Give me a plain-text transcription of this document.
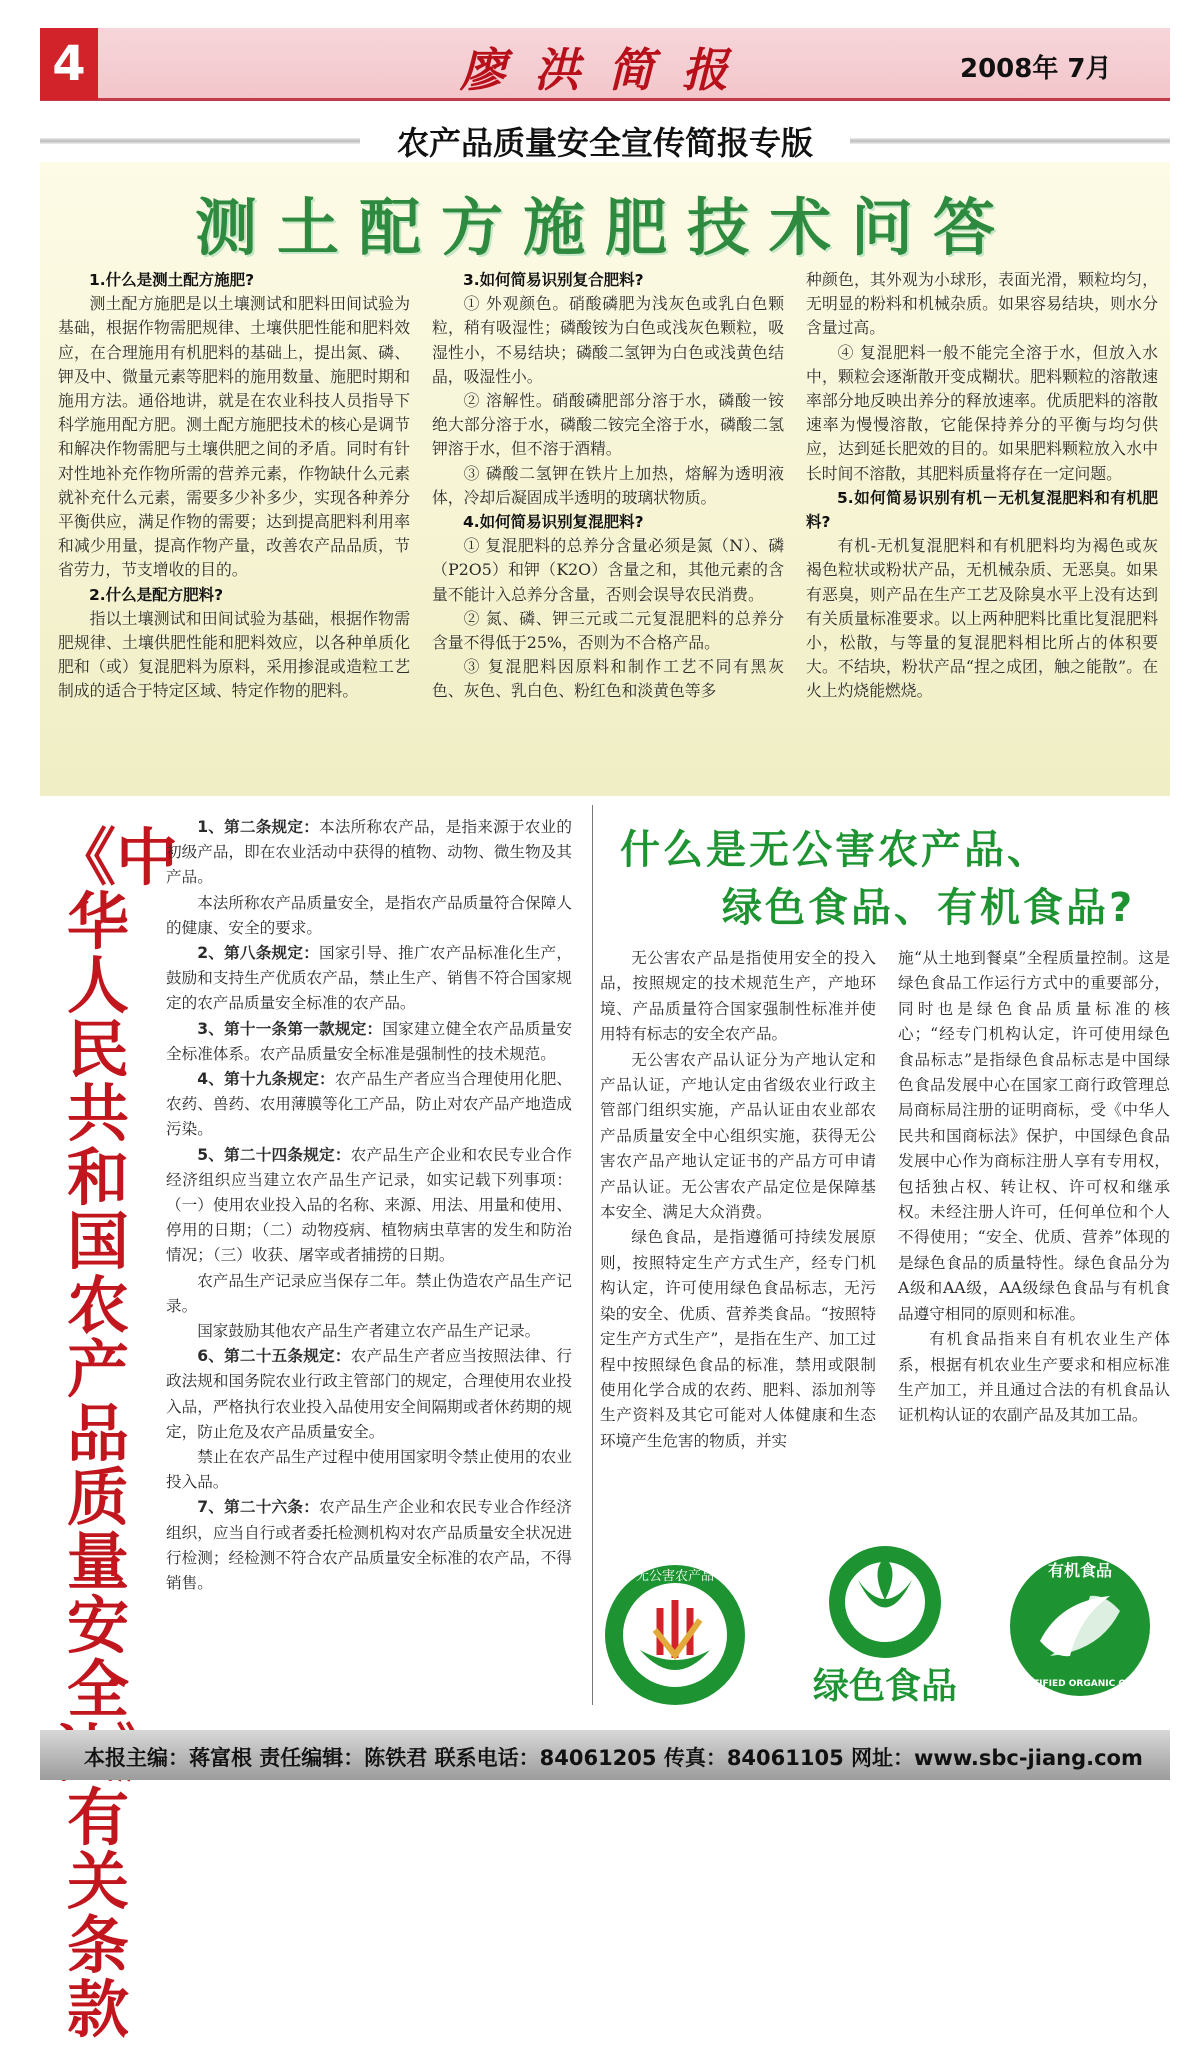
4	廖洪简报	2008年 7月
农产品质量安全宣传简报专版
测土配方施肥技术问答
1.什么是测土配方施肥?

测土配方施肥是以土壤测试和肥料田间试验为基础，根据作物需肥规律、土壤供肥性能和肥料效应，在合理施用有机肥料的基础上，提出氮、磷、钾及中、微量元素等肥料的施用数量、施肥时期和施用方法。通俗地讲，就是在农业科技人员指导下科学施用配方肥。测土配方施肥技术的核心是调节和解决作物需肥与土壤供肥之间的矛盾。同时有针对性地补充作物所需的营养元素，作物缺什么元素就补充什么元素，需要多少补多少，实现各种养分平衡供应，满足作物的需要；达到提高肥料利用率和减少用量，提高作物产量，改善农产品品质，节省劳力，节支增收的目的。

2.什么是配方肥料?

指以土壤测试和田间试验为基础，根据作物需肥规律、土壤供肥性能和肥料效应，以各种单质化肥和（或）复混肥料为原料，采用掺混或造粒工艺制成的适合于特定区域、特定作物的肥料。

3.如何简易识别复合肥料?

① 外观颜色。硝酸磷肥为浅灰色或乳白色颗粒，稍有吸湿性；磷酸铵为白色或浅灰色颗粒，吸湿性小，不易结块；磷酸二氢钾为白色或浅黄色结晶，吸湿性小。

② 溶解性。硝酸磷肥部分溶于水，磷酸一铵绝大部分溶于水，磷酸二铵完全溶于水，磷酸二氢钾溶于水，但不溶于酒精。

③ 磷酸二氢钾在铁片上加热，熔解为透明液体，冷却后凝固成半透明的玻璃状物质。

4.如何简易识别复混肥料?

① 复混肥料的总养分含量必须是氮（N）、磷（P2O5）和钾（K2O）含量之和，其他元素的含量不能计入总养分含量，否则会误导农民消费。

② 氮、磷、钾三元或二元复混肥料的总养分含量不得低于25%，否则为不合格产品。

③ 复混肥料因原料和制作工艺不同有黑灰色、灰色、乳白色、粉红色和淡黄色等多

种颜色，其外观为小球形，表面光滑，颗粒均匀，无明显的粉料和机械杂质。如果容易结块，则水分含量过高。

④ 复混肥料一般不能完全溶于水，但放入水中，颗粒会逐渐散开变成糊状。肥料颗粒的溶散速率部分地反映出养分的释放速率。优质肥料的溶散速率为慢慢溶散，它能保持养分的平衡与均匀供应，达到延长肥效的目的。如果肥料颗粒放入水中长时间不溶散，其肥料质量将存在一定问题。

5.如何简易识别有机－无机复混肥料和有机肥料?

有机-无机复混肥料和有机肥料均为褐色或灰褐色粒状或粉状产品，无机械杂质、无恶臭。如果有恶臭，则产品在生产工艺及除臭水平上没有达到有关质量标准要求。以上两种肥料比重比复混肥料小，松散，与等量的复混肥料相比所占的体积要大。不结块，粉状产品“捏之成团，触之能散”。在火上灼烧能燃烧。

《中华人民共和国农产品质量安全 有关条款

1、第二条规定：本法所称农产品，是指来源于农业的初级产品，即在农业活动中获得的植物、动物、微生物及其产品。

本法所称农产品质量安全，是指农产品质量符合保障人的健康、安全的要求。

2、第八条规定：国家引导、推广农产品标准化生产，鼓励和支持生产优质农产品，禁止生产、销售不符合国家规定的农产品质量安全标准的农产品。

3、第十一条第一款规定：国家建立健全农产品质量安全标准体系。农产品质量安全标准是强制性的技术规范。

4、第十九条规定：农产品生产者应当合理使用化肥、农药、兽药、农用薄膜等化工产品，防止对农产品产地造成污染。

5、第二十四条规定：农产品生产企业和农民专业合作经济组织应当建立农产品生产记录，如实记载下列事项：（一）使用农业投入品的名称、来源、用法、用量和使用、停用的日期；（二）动物疫病、植物病虫草害的发生和防治情况；（三）收获、屠宰或者捕捞的日期。

农产品生产记录应当保存二年。禁止伪造农产品生产记录。

国家鼓励其他农产品生产者建立农产品生产记录。

6、第二十五条规定：农产品生产者应当按照法律、行政法规和国务院农业行政主管部门的规定，合理使用农业投入品，严格执行农业投入品使用安全间隔期或者休药期的规定，防止危及农产品质量安全。

禁止在农产品生产过程中使用国家明令禁止使用的农业投入品。

7、第二十六条：农产品生产企业和农民专业合作经济组织，应当自行或者委托检测机构对农产品质量安全状况进行检测；经检测不符合农产品质量安全标准的农产品，不得销售。

什么是无公害农产品、
绿色食品、有机食品?

无公害农产品是指使用安全的投入品，按照规定的技术规范生产，产地环境、产品质量符合国家强制性标准并使用特有标志的安全农产品。

无公害农产品认证分为产地认定和产品认证，产地认定由省级农业行政主管部门组织实施，产品认证由农业部农产品质量安全中心组织实施，获得无公害农产品产地认定证书的产品方可申请产品认证。无公害农产品定位是保障基本安全、满足大众消费。

绿色食品，是指遵循可持续发展原则，按照特定生产方式生产，经专门机构认定，许可使用绿色食品标志，无污染的安全、优质、营养类食品。“按照特定生产方式生产”，是指在生产、加工过程中按照绿色食品的标准，禁用或限制使用化学合成的农药、肥料、添加剂等生产资料及其它可能对人体健康和生态环境产生危害的物质，并实

施“从土地到餐桌”全程质量控制。这是绿色食品工作运行方式中的重要部分，同时也是绿色食品质量标准的核心；“经专门机构认定，许可使用绿色食品标志”是指绿色食品标志是中国绿色食品发展中心在国家工商行政管理总局商标局注册的证明商标，受《中华人民共和国商标法》保护，中国绿色食品发展中心作为商标注册人享有专用权，包括独占权、转让权、许可权和继承权。未经注册人许可，任何单位和个人不得使用；“安全、优质、营养”体现的是绿色食品的质量特性。绿色食品分为A级和AA级，AA级绿色食品与有机食品遵守相同的原则和标准。

有机食品指来自有机农业生产体系，根据有机农业生产要求和相应标准生产加工，并且通过合法的有机食品认证机构认证的农副产品及其加工品。

无公害农产品
绿色食品
有机食品
CERTIFIED ORGANIC OFDC
本报主编：蒋富根 责任编辑：陈铁君 联系电话：84061205 传真：84061105 网址：www.sbc-jiang.com
